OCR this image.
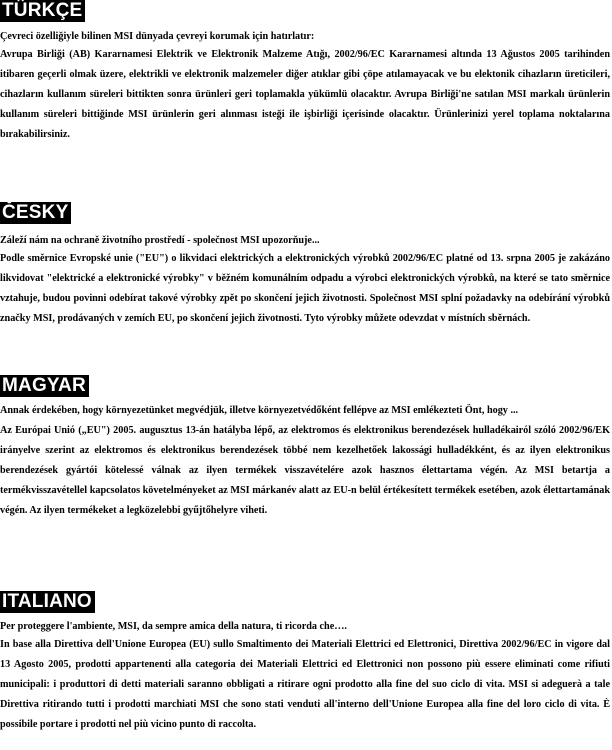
TÜRKÇE
Çevreci özelliğiyle bilinen MSI dünyada çevreyi korumak için hatırlatır:
Avrupa Birliği (AB) Kararnamesi Elektrik ve Elektronik Malzeme Atığı, 2002/96/EC Kararnamesi altında 13 Ağustos 2005 tarihinden itibaren geçerli olmak üzere, elektrikli ve elektronik malzemeler diğer atıklar gibi çöpe atılamayacak ve bu elektonik cihazların üreticileri, cihazların kullanım süreleri bittikten sonra ürünleri geri toplamakla yükümlü olacaktır. Avrupa Birliği'ne satılan MSI markalı ürünlerin kullanım süreleri bittiğinde MSI ürünlerin geri alınması isteği ile işbirliği içerisinde olacaktır. Ürünlerinizi yerel toplama noktalarına bırakabilirsiniz.
ČESKY
Záleží nám na ochraně životního prostředí - společnost MSI upozorňuje...
Podle směrnice Evropské unie ("EU") o likvidaci elektrických a elektronických výrobků 2002/96/EC platné od 13. srpna 2005 je zakázáno likvidovat "elektrické a elektronické výrobky" v běžném komunálním odpadu a výrobci elektronických výrobků, na které se tato směrnice vztahuje, budou povinni odebírat takové výrobky zpět po skončení jejich životnosti. Společnost MSI splní požadavky na odebírání výrobků značky MSI, prodávaných v zemích EU, po skončení jejich životnosti. Tyto výrobky můžete odevzdat v místních sběrnách.
MAGYAR
Annak érdekében, hogy környezetünket megvédjük, illetve környezetvédőként fellépve az MSI emlékezteti Önt, hogy ...
Az Európai Unió („EU") 2005. augusztus 13-án hatályba lépő, az elektromos és elektronikus berendezések hulladékairól szóló 2002/96/EK irányelve szerint az elektromos és elektronikus berendezések többé nem kezelhetőek lakossági hulladékként, és az ilyen elektronikus berendezések gyártói kötelessé válnak az ilyen termékek visszavételére azok hasznos élettartama végén. Az MSI betartja a termékvisszavétellel kapcsolatos követelményeket az MSI márkanév alatt az EU-n belül értékesített termékek esetében, azok élettartamának végén. Az ilyen termékeket a legközelebbi gyűjtőhelyre viheti.
ITALIANO
Per proteggere l'ambiente, MSI, da sempre amica della natura, ti ricorda che….
In base alla Direttiva dell'Unione Europea (EU) sullo Smaltimento dei Materiali Elettrici ed Elettronici, Direttiva 2002/96/EC in vigore dal 13 Agosto 2005, prodotti appartenenti alla categoria dei Materiali Elettrici ed Elettronici non possono più essere eliminati come rifiuti municipali: i produttori di detti materiali saranno obbligati a ritirare ogni prodotto alla fine del suo ciclo di vita. MSI si adeguerà a tale Direttiva ritirando tutti i prodotti marchiati MSI che sono stati venduti all'interno dell'Unione Europea alla fine del loro ciclo di vita. È possibile portare i prodotti nel più vicino punto di raccolta.
